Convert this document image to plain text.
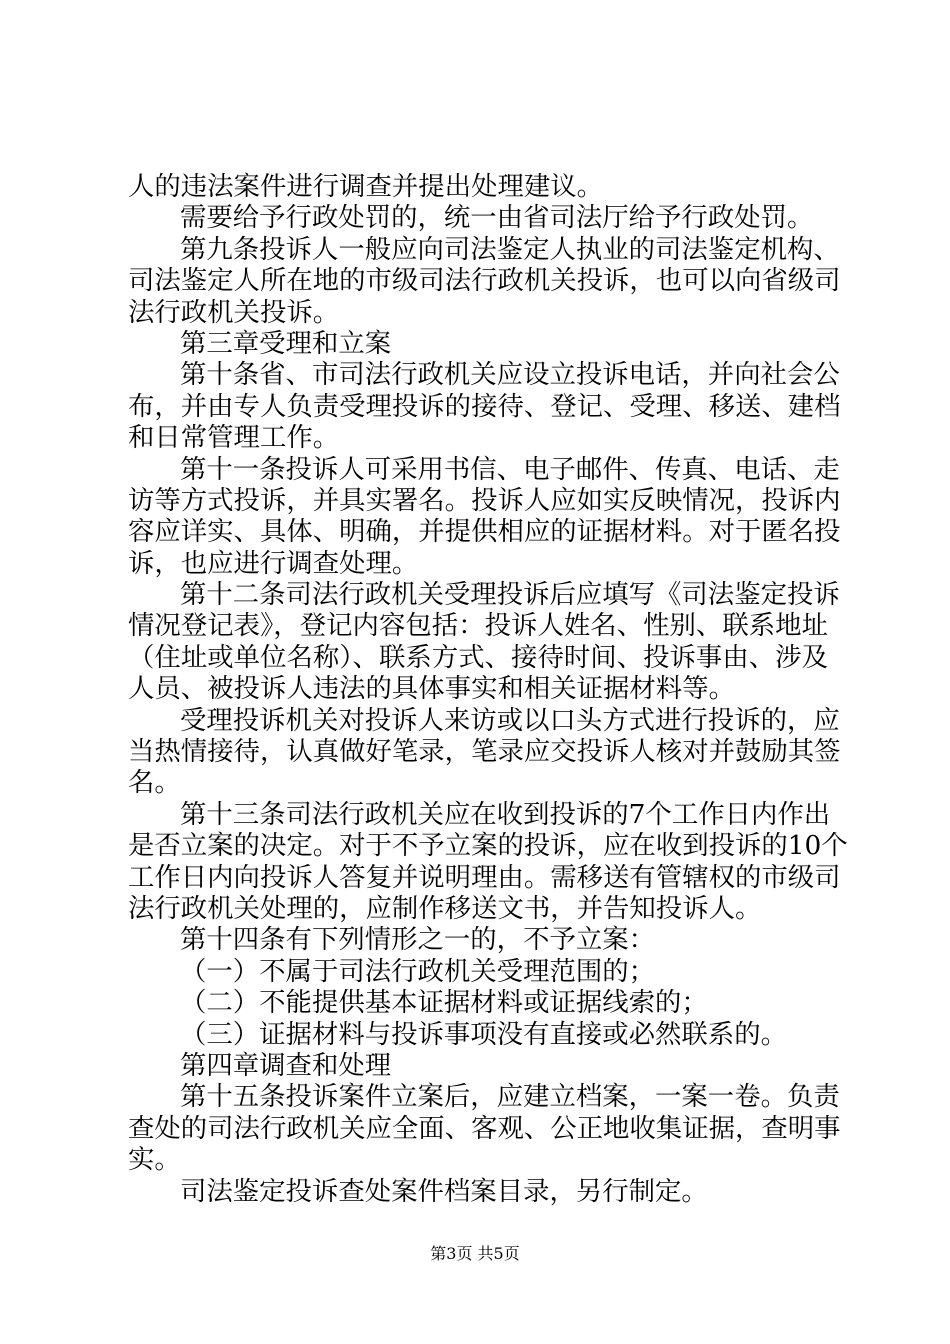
人的违法案件进行调查并提出处理建议。
需要给予行政处罚的，统一由省司法厅给予行政处罚。
第九条投诉人一般应向司法鉴定人执业的司法鉴定机构、
司法鉴定人所在地的市级司法行政机关投诉，也可以向省级司
法行政机关投诉。
第三章受理和立案
第十条省、市司法行政机关应设立投诉电话，并向社会公
布，并由专人负责受理投诉的接待、登记、受理、移送、建档
和日常管理工作。
第十一条投诉人可采用书信、电子邮件、传真、电话、走
访等方式投诉，并具实署名。投诉人应如实反映情况，投诉内
容应详实、具体、明确，并提供相应的证据材料。对于匿名投
诉，也应进行调查处理。
第十二条司法行政机关受理投诉后应填写《司法鉴定投诉
情况登记表》，登记内容包括：投诉人姓名、性别、联系地址
（住址或单位名称）、联系方式、接待时间、投诉事由、涉及
人员、被投诉人违法的具体事实和相关证据材料等。
受理投诉机关对投诉人来访或以口头方式进行投诉的，应
当热情接待，认真做好笔录，笔录应交投诉人核对并鼓励其签
名。
第十三条司法行政机关应在收到投诉的7个工作日内作出
是否立案的决定。对于不予立案的投诉，应在收到投诉的10个
工作日内向投诉人答复并说明理由。需移送有管辖权的市级司
法行政机关处理的，应制作移送文书，并告知投诉人。
第十四条有下列情形之一的，不予立案：
（一）不属于司法行政机关受理范围的；
（二）不能提供基本证据材料或证据线索的；
（三）证据材料与投诉事项没有直接或必然联系的。
第四章调查和处理
第十五条投诉案件立案后，应建立档案，一案一卷。负责
查处的司法行政机关应全面、客观、公正地收集证据，查明事
实。
司法鉴定投诉查处案件档案目录，另行制定。
第3页 共5页
